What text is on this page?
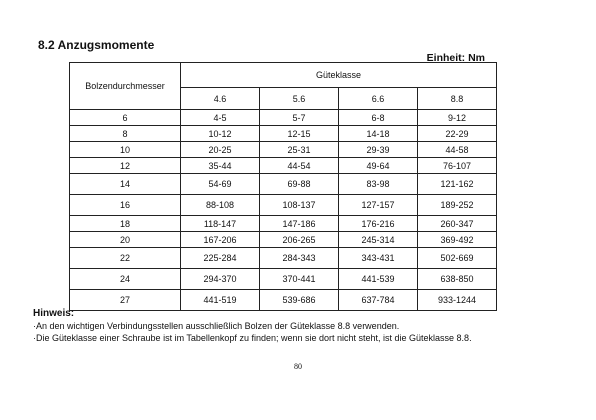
8.2 Anzugsmomente
Einheit: Nm
Bolzendurchmesser	Güteklasse			
	4.6	5.6	6.6	8.8
6	4-5	5-7	6-8	9-12
8	10-12	12-15	14-18	22-29
10	20-25	25-31	29-39	44-58
12	35-44	44-54	49-64	76-107
14	54-69	69-88	83-98	121-162
16	88-108	108-137	127-157	189-252
18	118-147	147-186	176-216	260-347
20	167-206	206-265	245-314	369-492
22	225-284	284-343	343-431	502-669
24	294-370	370-441	441-539	638-850
27	441-519	539-686	637-784	933-1244
Hinweis:
·An den wichtigen Verbindungsstellen ausschließlich Bolzen der Güteklasse 8.8 verwenden.
·Die Güteklasse einer Schraube ist im Tabellenkopf zu finden; wenn sie dort nicht steht, ist die Güteklasse 8.8.
80
